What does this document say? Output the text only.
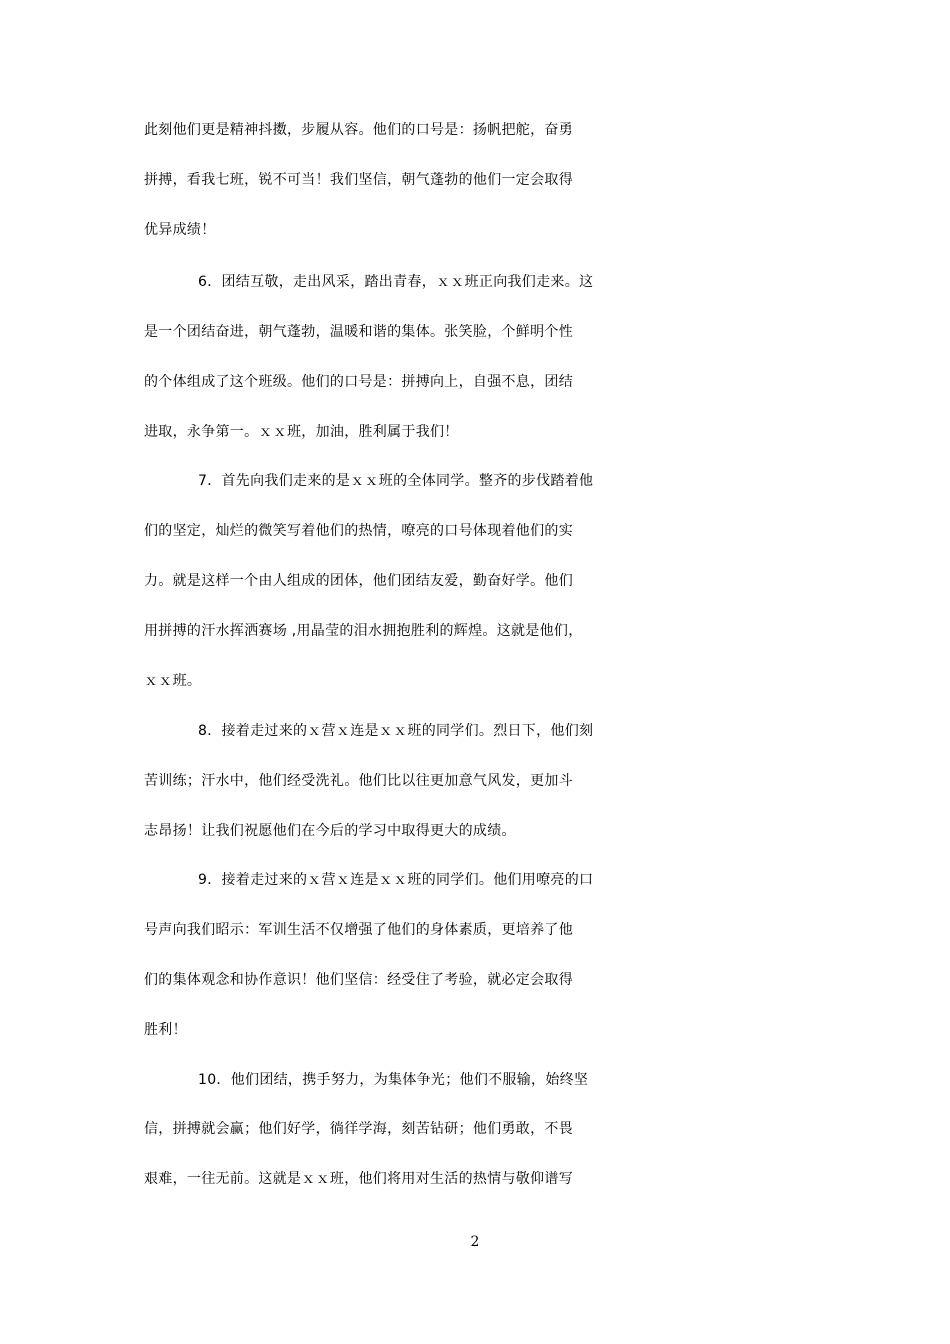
此刻他们更是精神抖擞，步履从容。他们的口号是：扬帆把舵，奋勇
拼搏，看我七班，锐不可当！我们坚信，朝气蓬勃的他们一定会取得
优异成绩！
6．团结互敬，走出风采，踏出青春，ｘｘ班正向我们走来。这
是一个团结奋进，朝气蓬勃，温暖和谐的集体。张笑脸，个鲜明个性
的个体组成了这个班级。他们的口号是：拼搏向上，自强不息，团结
进取，永争第一。ｘｘ班，加油，胜利属于我们！
7．首先向我们走来的是ｘｘ班的全体同学。整齐的步伐踏着他
们的坚定，灿烂的微笑写着他们的热情，嘹亮的口号体现着他们的实
力。就是这样一个由人组成的团体，他们团结友爱，勤奋好学。他们
用拼搏的汗水挥洒赛场 ,用晶莹的泪水拥抱胜利的辉煌。这就是他们，
ｘｘ班。
8．接着走过来的ｘ营ｘ连是ｘｘ班的同学们。烈日下，他们刻
苦训练；汗水中，他们经受洗礼。他们比以往更加意气风发，更加斗
志昂扬！让我们祝愿他们在今后的学习中取得更大的成绩。
9．接着走过来的ｘ营ｘ连是ｘｘ班的同学们。他们用嘹亮的口
号声向我们昭示：军训生活不仅增强了他们的身体素质，更培养了他
们的集体观念和协作意识！他们坚信：经受住了考验，就必定会取得
胜利！
10．他们团结，携手努力，为集体争光；他们不服输，始终坚
信，拼搏就会赢；他们好学，徜徉学海，刻苦钻研；他们勇敢，不畏
艰难，一往无前。这就是ｘｘ班，他们将用对生活的热情与敬仰谱写
2
